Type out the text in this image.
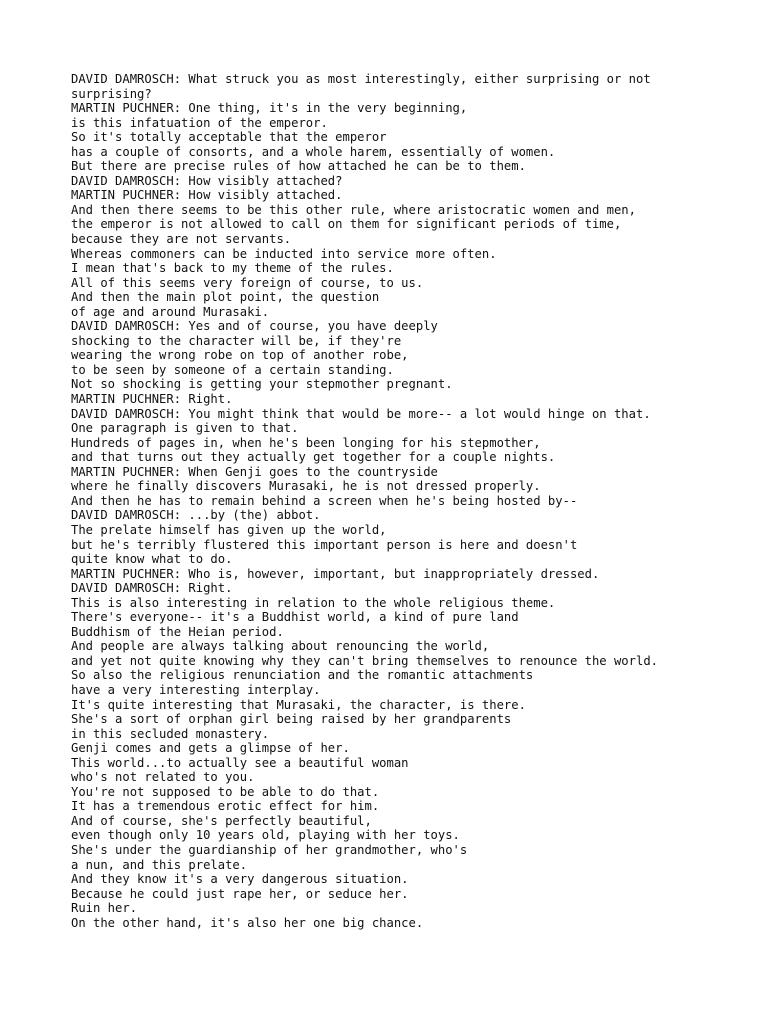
DAVID DAMROSCH: What struck you as most interestingly, either surprising or not
surprising?
MARTIN PUCHNER: One thing, it's in the very beginning,
is this infatuation of the emperor.
So it's totally acceptable that the emperor
has a couple of consorts, and a whole harem, essentially of women.
But there are precise rules of how attached he can be to them.
DAVID DAMROSCH: How visibly attached?
MARTIN PUCHNER: How visibly attached.
And then there seems to be this other rule, where aristocratic women and men,
the emperor is not allowed to call on them for significant periods of time,
because they are not servants.
Whereas commoners can be inducted into service more often.
I mean that's back to my theme of the rules.
All of this seems very foreign of course, to us.
And then the main plot point, the question
of age and around Murasaki.
DAVID DAMROSCH: Yes and of course, you have deeply
shocking to the character will be, if they're
wearing the wrong robe on top of another robe,
to be seen by someone of a certain standing.
Not so shocking is getting your stepmother pregnant.
MARTIN PUCHNER: Right.
DAVID DAMROSCH: You might think that would be more-- a lot would hinge on that.
One paragraph is given to that.
Hundreds of pages in, when he's been longing for his stepmother,
and that turns out they actually get together for a couple nights.
MARTIN PUCHNER: When Genji goes to the countryside
where he finally discovers Murasaki, he is not dressed properly.
And then he has to remain behind a screen when he's being hosted by--
DAVID DAMROSCH: ...by (the) abbot.
The prelate himself has given up the world,
but he's terribly flustered this important person is here and doesn't
quite know what to do.
MARTIN PUCHNER: Who is, however, important, but inappropriately dressed.
DAVID DAMROSCH: Right.
This is also interesting in relation to the whole religious theme.
There's everyone-- it's a Buddhist world, a kind of pure land
Buddhism of the Heian period.
And people are always talking about renouncing the world,
and yet not quite knowing why they can't bring themselves to renounce the world.
So also the religious renunciation and the romantic attachments
have a very interesting interplay.
It's quite interesting that Murasaki, the character, is there.
She's a sort of orphan girl being raised by her grandparents
in this secluded monastery.
Genji comes and gets a glimpse of her.
This world...to actually see a beautiful woman
who's not related to you.
You're not supposed to be able to do that.
It has a tremendous erotic effect for him.
And of course, she's perfectly beautiful,
even though only 10 years old, playing with her toys.
She's under the guardianship of her grandmother, who's
a nun, and this prelate.
And they know it's a very dangerous situation.
Because he could just rape her, or seduce her.
Ruin her.
On the other hand, it's also her one big chance.
